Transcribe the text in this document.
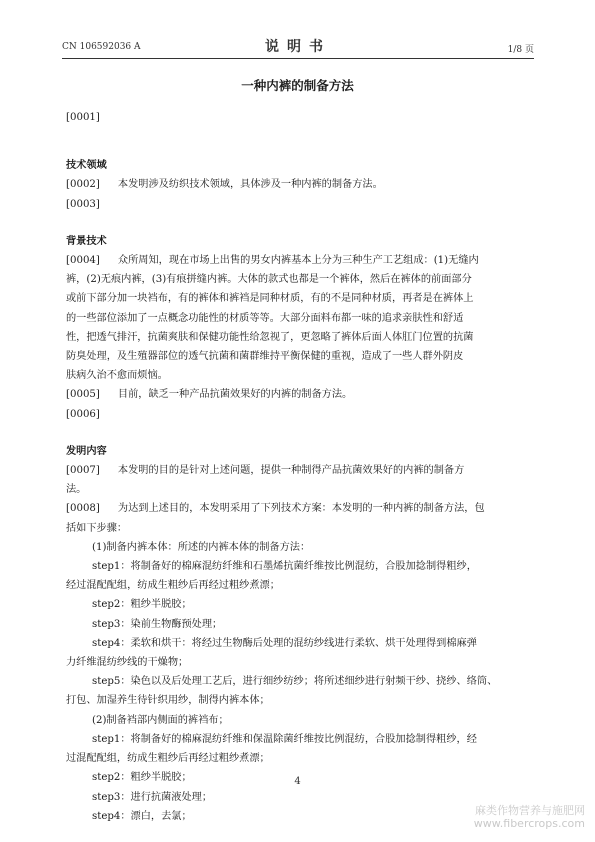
CN 106592036 A	说明书	1/8 页
一种内裤的制备方法

[0001]

技术领域

[0002] 本发明涉及纺织技术领域，具体涉及一种内裤的制备方法。

[0003]

背景技术

[0004] 众所周知，现在市场上出售的男女内裤基本上分为三种生产工艺组成：(1)无缝内

裤，(2)无痕内裤，(3)有痕拼缝内裤。大体的款式也都是一个裤体，然后在裤体的前面部分

或前下部分加一块裆布，有的裤体和裤裆是同种材质，有的不是同种材质，再者是在裤体上

的一些部位添加了一点概念功能性的材质等等。大部分面料布都一味的追求亲肤性和舒适

性，把透气排汗，抗菌爽肤和保健功能性给忽视了，更忽略了裤体后面人体肛门位置的抗菌

防臭处理，及生殖器部位的透气抗菌和菌群维持平衡保健的重视，造成了一些人群外阴皮

肤病久治不愈而烦恼。

[0005] 目前，缺乏一种产品抗菌效果好的内裤的制备方法。

[0006]

发明内容

[0007] 本发明的目的是针对上述问题，提供一种制得产品抗菌效果好的内裤的制备方

法。

[0008] 为达到上述目的，本发明采用了下列技术方案：本发明的一种内裤的制备方法，包

括如下步骤：

(1)制备内裤本体：所述的内裤本体的制备方法：

step1：将制备好的棉麻混纺纤维和石墨烯抗菌纤维按比例混纺，合股加捻制得粗纱，

经过混配配组，纺成生粗纱后再经过粗纱煮漂；

step2：粗纱半脱胶；

step3：染前生物酶预处理；

step4：柔软和烘干：将经过生物酶后处理的混纺纱线进行柔软、烘干处理得到棉麻弹

力纤维混纺纱线的干燥物；

step5：染色以及后处理工艺后，进行细纱纺纱；将所述细纱进行射频干纱、挠纱、络筒、

打包、加湿养生待针织用纱，制得内裤本体；

(2)制备裆部内侧面的裤裆布；

step1：将制备好的棉麻混纺纤维和保温除菌纤维按比例混纺，合股加捻制得粗纱，经

过混配配组，纺成生粗纱后再经过粗纱煮漂；

step2：粗纱半脱胶；

step3：进行抗菌液处理；

step4：漂白，去氯；

4
麻类作物营养与施肥网
www.fibercrops.com
